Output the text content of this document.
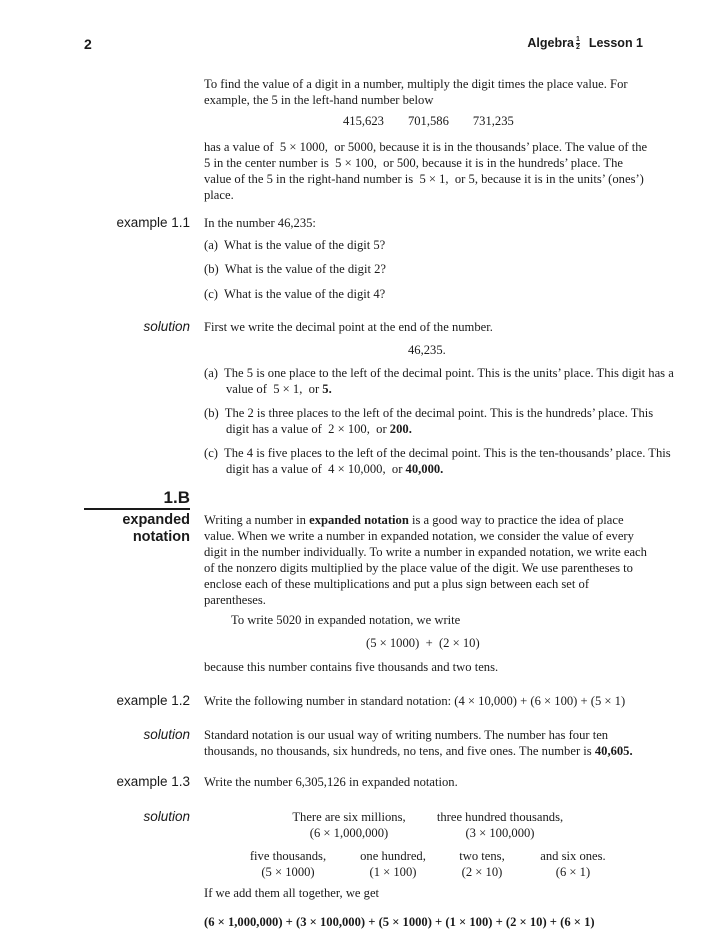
2	Algebra $\frac{1}{2}$ Lesson 1
To find the value of a digit in a number, multiply the digit times the place value. For example, the 5 in the left-hand number below
415,623 701,586 731,235
has a value of  5 × 1000,  or 5000, because it is in the thousands’ place. The value of the 5 in the center number is  5 × 100,  or 500, because it is in the hundreds’ place. The value of the 5 in the right-hand number is  5 × 1,  or 5, because it is in the units’ (ones’) place.
example 1.1 In the number 46,235:
(a)  What is the value of the digit 5?
(b)  What is the value of the digit 2?
(c)  What is the value of the digit 4?
solution First we write the decimal point at the end of the number.
46,235.
(a)  The 5 is one place to the left of the decimal point. This is the units’ place. This digit has a value of  5 × 1,  or 5.
(b)  The 2 is three places to the left of the decimal point. This is the hundreds’ place. This digit has a value of  2 × 100,  or 200.
(c)  The 4 is five places to the left of the decimal point. This is the ten-thousands’ place. This digit has a value of  4 × 10,000,  or 40,000.
1.B
expanded
notation
Writing a number in expanded notation is a good way to practice the idea of place value. When we write a number in expanded notation, we consider the value of every digit in the number individually. To write a number in expanded notation, we write each of the nonzero digits multiplied by the place value of the digit. We use parentheses to enclose each of these multiplications and put a plus sign between each set of parentheses.
To write 5020 in expanded notation, we write
(5 × 1000)  +  (2 × 10)
because this number contains five thousands and two tens.
example 1.2 Write the following number in standard notation: (4 × 10,000) + (6 × 100) + (5 × 1)
solution Standard notation is our usual way of writing numbers. The number has four ten thousands, no thousands, six hundreds, no tens, and five ones. The number is 40,605.
example 1.3 Write the number 6,305,126 in expanded notation.
solution	There are six millions,
(6 × 1,000,000)
three hundred thousands,
(3 × 100,000)
five thousands,
(5 × 1000)
one hundred,
(1 × 100)
two tens,
(2 × 10)
and six ones.
(6 × 1)
If we add them all together, we get
(6 × 1,000,000) + (3 × 100,000) + (5 × 1000) + (1 × 100) + (2 × 10) + (6 × 1)
